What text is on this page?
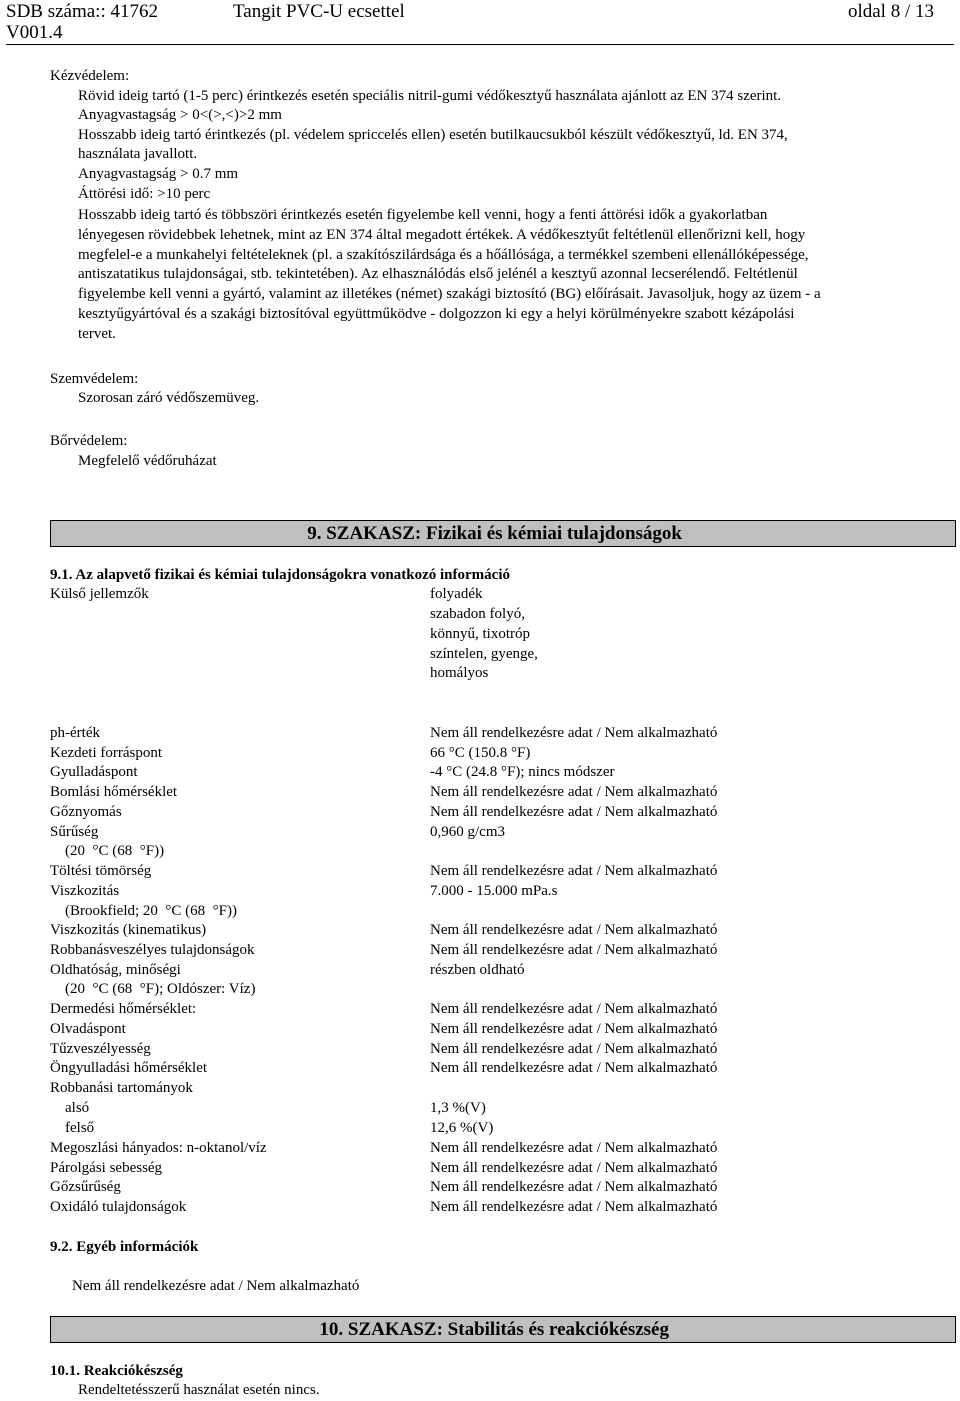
SDB száma:: 41762	Tangit PVC-U ecsettel	oldal 8 / 13
V001.4
Kézvédelem:
Rövid ideig tartó (1-5 perc) érintkezés esetén speciális nitril-gumi védőkesztyű használata ajánlott az EN 374 szerint.
Anyagvastagság > 0<(>,<)>2 mm
Hosszabb ideig tartó érintkezés (pl. védelem spriccelés ellen) esetén butilkaucsukból készült védőkesztyű, ld. EN 374,
használata javallott.
Anyagvastagság > 0.7 mm
Áttörési idő: >10 perc
Hosszabb ideig tartó és többszöri érintkezés esetén figyelembe kell venni, hogy a fenti áttörési idők a gyakorlatban
lényegesen rövidebbek lehetnek, mint az EN 374 által megadott értékek. A védőkesztyűt feltétlenül ellenőrizni kell, hogy
megfelel-e a munkahelyi feltételeknek (pl. a szakítószilárdsága és a hőállósága, a termékkel szembeni ellenállóképessége,
antiszatatikus tulajdonságai, stb. tekintetében). Az elhasználódás első jelénél a kesztyű azonnal lecserélendő. Feltétlenül
figyelembe kell venni a gyártó, valamint az illetékes (német) szakági biztosító (BG) előírásait. Javasoljuk, hogy az üzem - a
kesztyűgyártóval és a szakági biztosítóval együttműködve - dolgozzon ki egy a helyi körülményekre szabott kézápolási
tervet.
Szemvédelem:
Szorosan záró védőszemüveg.
Bőrvédelem:
Megfelelő védőruházat
9. SZAKASZ: Fizikai és kémiai tulajdonságok
9.1. Az alapvető fizikai és kémiai tulajdonságokra vonatkozó információ
Külső jellemzők	folyadék
szabadon folyó,
könnyű, tixotróp
színtelen, gyenge,
homályos
ph-érték	Nem áll rendelkezésre adat / Nem alkalmazható
Kezdeti forráspont	66 °C (150.8 °F)
Gyulladáspont	-4 °C (24.8 °F); nincs módszer
Bomlási hőmérséklet	Nem áll rendelkezésre adat / Nem alkalmazható
Gőznyomás	Nem áll rendelkezésre adat / Nem alkalmazható
Sűrűség	0,960 g/cm3
(20  °C (68  °F))
Töltési tömörség	Nem áll rendelkezésre adat / Nem alkalmazható
Viszkozitás	7.000 - 15.000 mPa.s
(Brookfield; 20  °C (68  °F))
Viszkozitás (kinematikus)	Nem áll rendelkezésre adat / Nem alkalmazható
Robbanásveszélyes tulajdonságok	Nem áll rendelkezésre adat / Nem alkalmazható
Oldhatóság, minőségi	részben oldható
(20  °C (68  °F); Oldószer: Víz)
Dermedési hőmérséklet:	Nem áll rendelkezésre adat / Nem alkalmazható
Olvadáspont	Nem áll rendelkezésre adat / Nem alkalmazható
Tűzveszélyesség	Nem áll rendelkezésre adat / Nem alkalmazható
Öngyulladási hőmérséklet	Nem áll rendelkezésre adat / Nem alkalmazható
Robbanási tartományok
alsó	1,3 %(V)
felső	12,6 %(V)
Megoszlási hányados: n-oktanol/víz	Nem áll rendelkezésre adat / Nem alkalmazható
Párolgási sebesség	Nem áll rendelkezésre adat / Nem alkalmazható
Gőzsűrűség	Nem áll rendelkezésre adat / Nem alkalmazható
Oxidáló tulajdonságok	Nem áll rendelkezésre adat / Nem alkalmazható
9.2. Egyéb információk
Nem áll rendelkezésre adat / Nem alkalmazható
10. SZAKASZ: Stabilitás és reakciókészség
10.1. Reakciókészség
Rendeltetésszerű használat esetén nincs.
